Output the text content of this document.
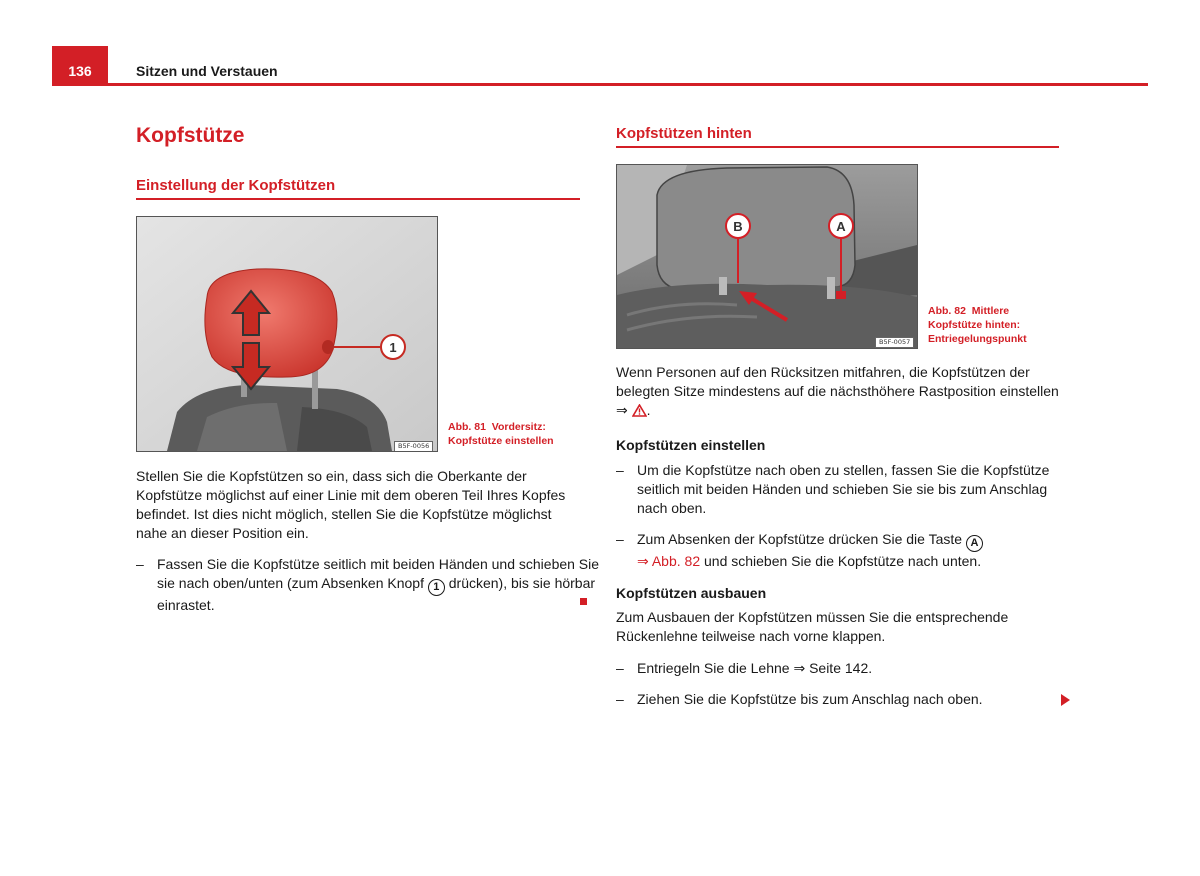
136	Sitzen und Verstauen
Kopfstütze
Einstellung der Kopfstützen
1
B5F-0056
Abb. 81 Vordersitz: Kopfstütze einstellen
Stellen Sie die Kopfstützen so ein, dass sich die Oberkante der Kopfstütze möglichst auf einer Linie mit dem oberen Teil Ihres Kopfes befindet. Ist dies nicht möglich, stellen Sie die Kopfstütze möglichst nahe an dieser Position ein.
– Fassen Sie die Kopfstütze seitlich mit beiden Händen und schieben Sie sie nach oben/unten (zum Absenken Knopf 1 drücken), bis sie hörbar einrastet.
Kopfstützen hinten
B	A
B5F-0057
Abb. 82 Mittlere Kopfstütze hinten: Entriegelungspunkt
Wenn Personen auf den Rücksitzen mitfahren, die Kopfstützen der belegten Sitze mindestens auf die nächsthöhere Rastposition einstellen ⇒ .
Kopfstützen einstellen
– Um die Kopfstütze nach oben zu stellen, fassen Sie die Kopfstütze seitlich mit beiden Händen und schieben Sie sie bis zum Anschlag nach oben.
– Zum Absenken der Kopfstütze drücken Sie die Taste A
⇒ Abb. 82 und schieben Sie die Kopfstütze nach unten.
Kopfstützen ausbauen
Zum Ausbauen der Kopfstützen müssen Sie die entsprechende Rückenlehne teilweise nach vorne klappen.
– Entriegeln Sie die Lehne ⇒ Seite 142.
– Ziehen Sie die Kopfstütze bis zum Anschlag nach oben.
